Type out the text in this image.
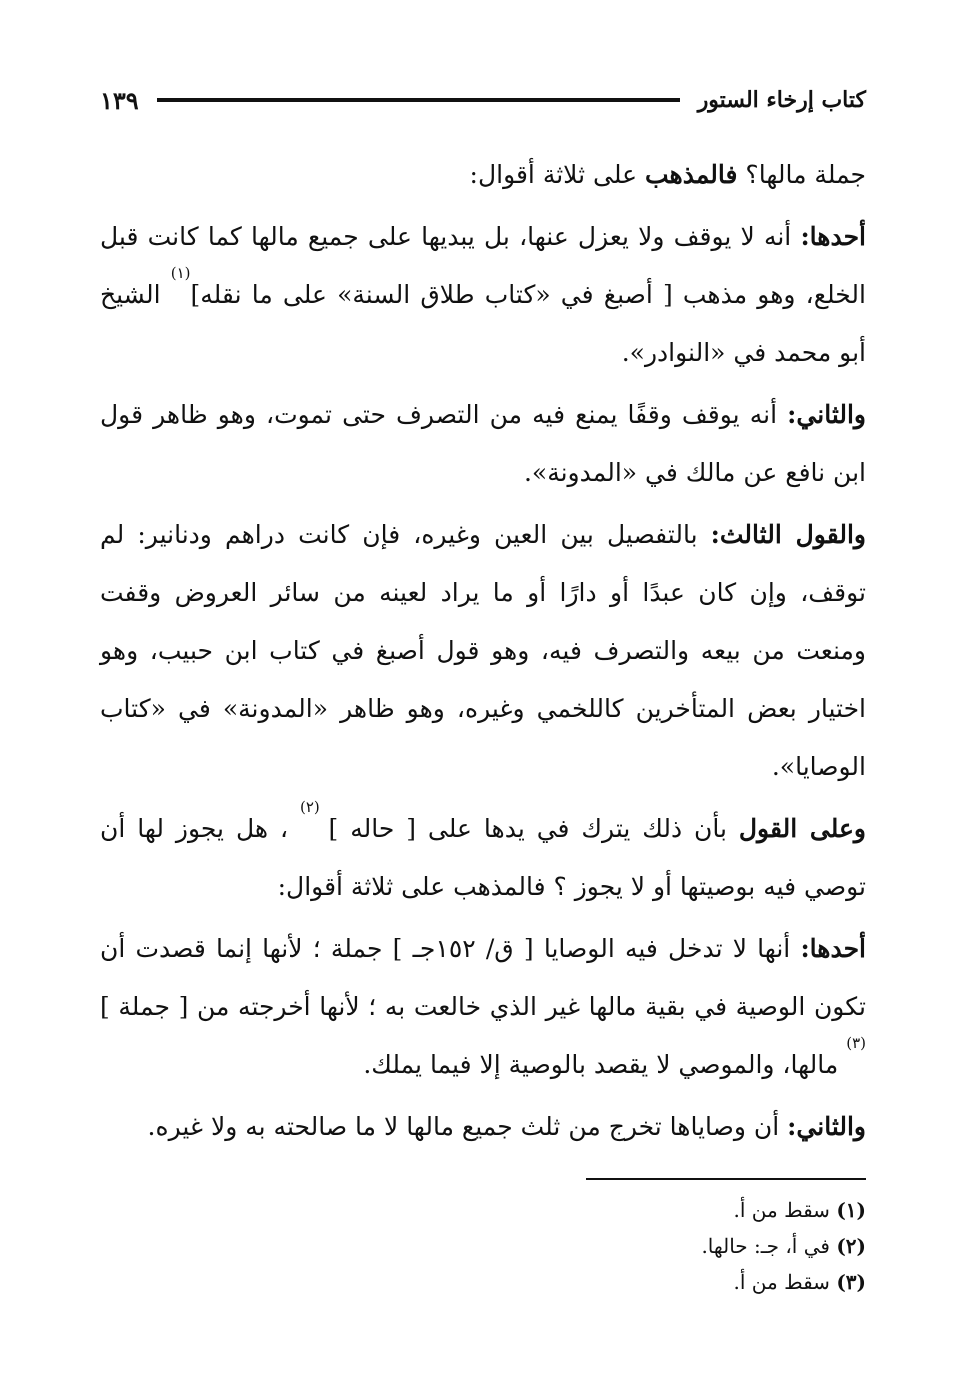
كتاب إرخاء الستور
١٣٩

جملة مالها؟ فالمذهب على ثلاثة أقوال:

أحدها: أنه لا يوقف ولا يعزل عنها، بل يبديها على جميع مالها كما كانت قبل الخلع، وهو مذهب [ أصبغ في «كتاب طلاق السنة» على ما نقله]$^{(١)}$ الشيخ أبو محمد في «النوادر».

والثاني: أنه يوقف وقفًا يمنع فيه من التصرف حتى تموت، وهو ظاهر قول ابن نافع عن مالك في «المدونة».

والقول الثالث: بالتفصيل بين العين وغيره، فإن كانت دراهم ودنانير: لم توقف، وإن كان عبدًا أو دارًا أو ما يراد لعينه من سائر العروض وقفت ومنعت من بيعه والتصرف فيه، وهو قول أصبغ في كتاب ابن حبيب، وهو اختيار بعض المتأخرين كاللخمي وغيره، وهو ظاهر «المدونة» في «كتاب الوصايا».

وعلى القول بأن ذلك يترك في يدها على [ حاله ] $^{(٢)}$ ، هل يجوز لها أن توصي فيه بوصيتها أو لا يجوز ؟ فالمذهب على ثلاثة أقوال:

أحدها: أنها لا تدخل فيه الوصايا [ ق/ ١٥٢جـ ] جملة ؛ لأنها إنما قصدت أن تكون الوصية في بقية مالها غير الذي خالعت به ؛ لأنها أخرجته من [ جملة ]$^{(٣)}$ مالها، والموصي لا يقصد بالوصية إلا فيما يملك.

والثاني: أن وصاياها تخرج من ثلث جميع مالها لا ما صالحته به ولا غيره.

(١) سقط من أ.
(٢) في أ، جـ: حالها.
(٣) سقط من أ.
